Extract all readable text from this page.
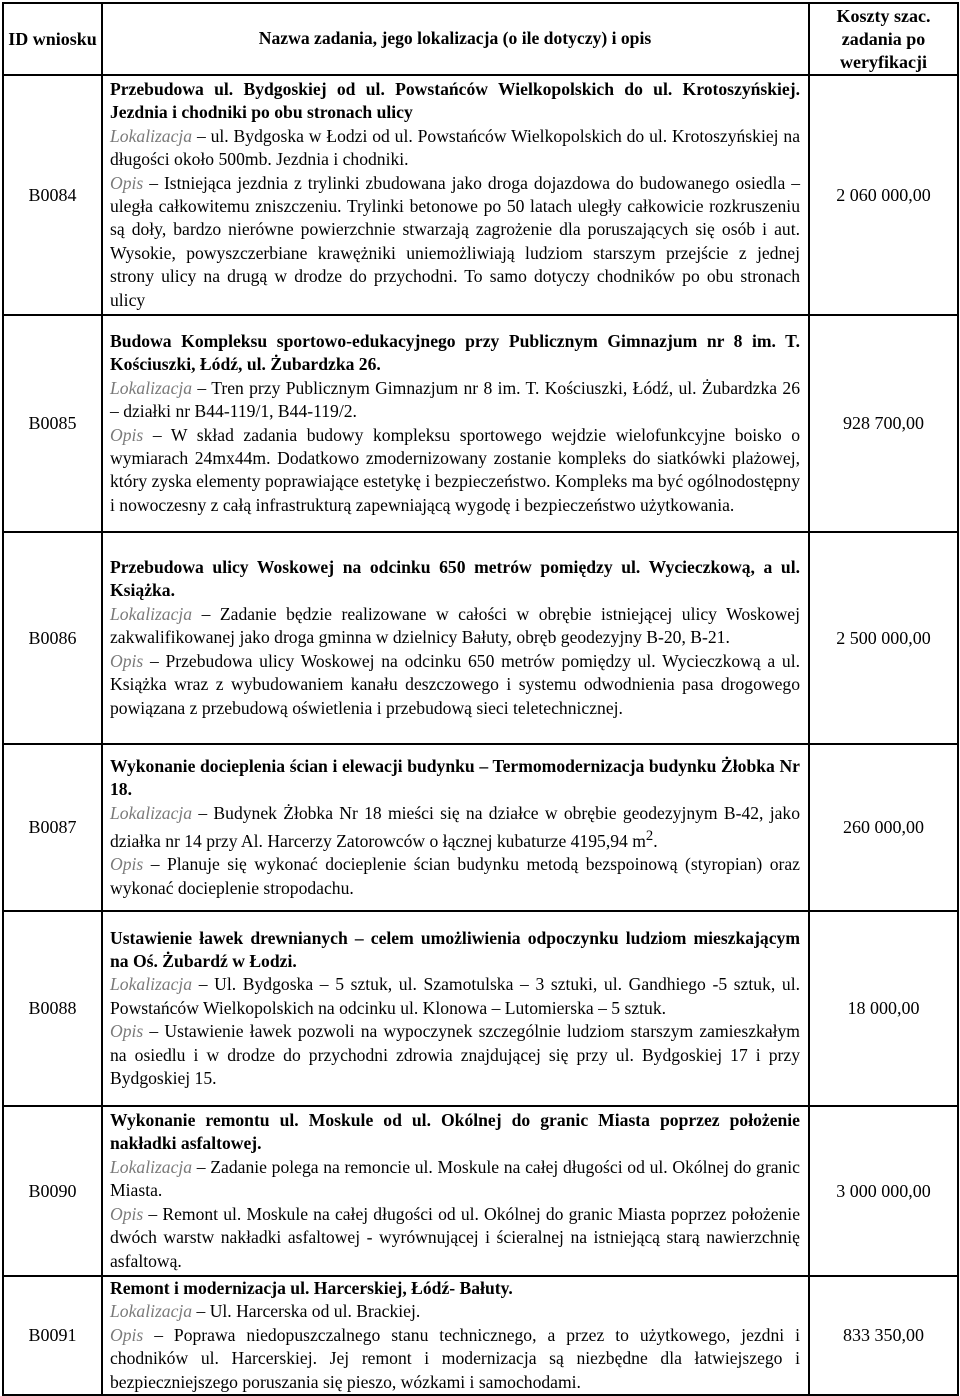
ID wniosku	Nazwa zadania, jego lokalizacja (o ile dotyczy) i opis	Koszty szac. zadania po weryfikacji
B0084	Przebudowa ul. Bydgoskiej od ul. Powstańców Wielkopolskich do ul. Krotoszyńskiej. Jezdnia i chodniki po obu stronach ulicy
Lokalizacja – ul. Bydgoska w Łodzi od ul. Powstańców Wielkopolskich do ul. Krotoszyńskiej na długości około 500mb. Jezdnia i chodniki.
Opis – Istniejąca jezdnia z trylinki zbudowana jako droga dojazdowa do budowanego osiedla – uległa całkowitemu zniszczeniu. Trylinki betonowe po 50 latach uległy całkowicie rozkruszeniu są doły, bardzo nierówne powierzchnie stwarzają zagrożenie dla poruszających się osób i aut. Wysokie, powyszczerbiane krawężniki uniemożliwiają ludziom starszym przejście z jednej strony ulicy na drugą w drodze do przychodni. To samo dotyczy chodników po obu stronach ulicy	2 060 000,00
B0085	Budowa Kompleksu sportowo-edukacyjnego przy Publicznym Gimnazjum nr 8 im. T. Kościuszki, Łódź, ul. Żubardzka 26.
Lokalizacja – Tren przy Publicznym Gimnazjum nr 8 im. T. Kościuszki, Łódź, ul. Żubardzka 26 – działki nr B44-119/1, B44-119/2.
Opis – W skład zadania budowy kompleksu sportowego wejdzie wielofunkcyjne boisko o wymiarach 24mx44m. Dodatkowo zmodernizowany zostanie kompleks do siatkówki plażowej, który zyska elementy poprawiające estetykę i bezpieczeństwo. Kompleks ma być ogólnodostępny i nowoczesny z całą infrastrukturą zapewniającą wygodę i bezpieczeństwo użytkowania.	928 700,00
B0086	Przebudowa ulicy Woskowej na odcinku 650 metrów pomiędzy ul. Wycieczkową, a ul. Książka.
Lokalizacja – Zadanie będzie realizowane w całości w obrębie istniejącej ulicy Woskowej zakwalifikowanej jako droga gminna w dzielnicy Bałuty, obręb geodezyjny B-20, B-21.
Opis – Przebudowa ulicy Woskowej na odcinku 650 metrów pomiędzy ul. Wycieczkową a ul. Książka wraz z wybudowaniem kanału deszczowego i systemu odwodnienia pasa drogowego powiązana z przebudową oświetlenia i przebudową sieci teletechnicznej.	2 500 000,00
B0087	Wykonanie docieplenia ścian i elewacji budynku – Termomodernizacja budynku Żłobka Nr 18.
Lokalizacja – Budynek Żłobka Nr 18 mieści się na działce w obrębie geodezyjnym B-42, jako działka nr 14 przy Al. Harcerzy Zatorowców o łącznej kubaturze 4195,94 $m^2$.
Opis – Planuje się wykonać docieplenie ścian budynku metodą bezspoinową (styropian) oraz wykonać docieplenie stropodachu.	260 000,00
B0088	Ustawienie ławek drewnianych – celem umożliwienia odpoczynku ludziom mieszkającym na Oś. Żubardź w Łodzi.
Lokalizacja – Ul. Bydgoska – 5 sztuk, ul. Szamotulska – 3 sztuki, ul. Gandhiego -5 sztuk, ul. Powstańców Wielkopolskich na odcinku ul. Klonowa – Lutomierska – 5 sztuk.
Opis – Ustawienie ławek pozwoli na wypoczynek szczególnie ludziom starszym zamieszkałym na osiedlu i w drodze do przychodni zdrowia znajdującej się przy ul. Bydgoskiej 17 i przy Bydgoskiej 15.	18 000,00
B0090	Wykonanie remontu ul. Moskule od ul. Okólnej do granic Miasta poprzez położenie nakładki asfaltowej.
Lokalizacja – Zadanie polega na remoncie ul. Moskule na całej długości od ul. Okólnej do granic Miasta.
Opis – Remont ul. Moskule na całej długości od ul. Okólnej do granic Miasta poprzez położenie dwóch warstw nakładki asfaltowej - wyrównującej i ścieralnej na istniejącą starą nawierzchnię asfaltową.	3 000 000,00
B0091	Remont i modernizacja ul. Harcerskiej, Łódź- Bałuty.
Lokalizacja – Ul. Harcerska od ul. Brackiej.
Opis – Poprawa niedopuszczalnego stanu technicznego, a przez to użytkowego, jezdni i chodników ul. Harcerskiej. Jej remont i modernizacja są niezbędne dla łatwiejszego i bezpieczniejszego poruszania się pieszo, wózkami i samochodami.	833 350,00
